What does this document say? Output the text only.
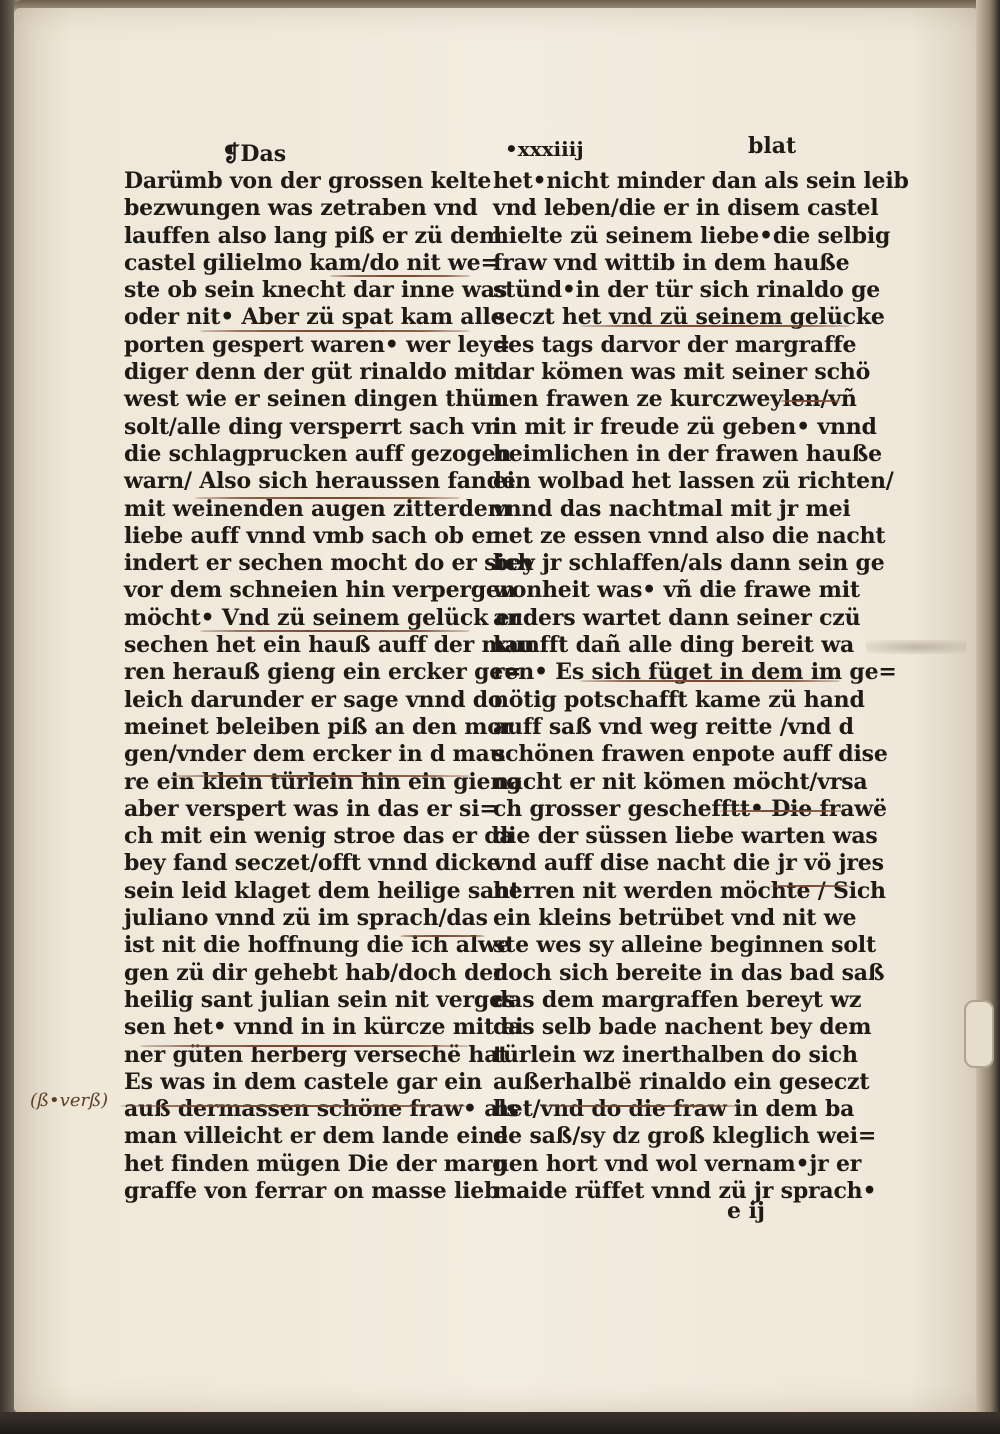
❡Das	•xxxiiij	blat
Darümb von der grossen kelte
bezwungen was zetraben vnd
lauffen also lang piß er zü dem
castel gilielmo kam/do nit we=
ste ob sein knecht dar inne was
oder nit• Aber zü spat kam alle
porten gespert waren• wer ley=
diger denn der güt rinaldo mit
west wie er seinen dingen thün
solt/alle ding versperrt sach vn
die schlagprucken auff gezogen
warn/ Also sich heraussen fande
mit weinenden augen zitterdem
liebe auff vnnd vmb sach ob er
indert er sechen mocht do er sich
vor dem schneien hin verpergen
möcht• Vnd zü seinem gelück er
sechen het ein hauß auff der mau
ren herauß gieng ein ercker ge=
leich darunder er sage vnnd do
meinet beleiben piß an den mor
gen/vnder dem ercker in d mau
re ein klein türlein hin ein gieng
aber verspert was in das er si=
ch mit ein wenig stroe das er da
bey fand seczet/offt vnnd dicke
sein leid klaget dem heilige sant
juliano vnnd zü im sprach/das
ist nit die hoffnung die ich alwe
gen zü dir gehebt hab/doch der
heilig sant julian sein nit verges
sen het• vnnd in in kürcze mit ei
ner güten herberg versechë hat
Es was in dem castele gar ein
auß dermassen schöne fraw• als
man villeicht er dem lande eine
het finden mügen Die der marg
graffe von ferrar on masse lieb
het•nicht minder dan als sein leib
vnd leben/die er in disem castel
hielte zü seinem liebe•die selbig
fraw vnd wittib in dem hauße
stünd•in der tür sich rinaldo ge
seczt het vnd zü seinem gelücke
des tags darvor der margraffe
dar kömen was mit seiner schö
nen frawen ze kurczweylen/vñ
in mit ir freude zü geben• vnnd
heimlichen in der frawen hauße
ein wolbad het lassen zü richten/
vnnd das nachtmal mit jr mei
net ze essen vnnd also die nacht
bey jr schlaffen/als dann sein ge
wonheit was• vñ die frawe mit
anders wartet dann seiner czü
kunfft dañ alle ding bereit wa
ren• Es sich füget in dem im ge=
nötig potschafft kame zü hand
auff saß vnd weg reitte /vnd d
schönen frawen enpote auff dise
nacht er nit kömen möcht/vrsa
ch grosser geschefftt• Die frawë
die der süssen liebe warten was
vnd auff dise nacht die jr vö jres
herren nit werden möchte / Sich
ein kleins betrübet vnd nit we
ste wes sy alleine beginnen solt
doch sich bereite in das bad saß
das dem margraffen bereyt wz
das selb bade nachent bey dem
türlein wz inerthalben do sich
außerhalbë rinaldo ein geseczt
het/vnd do die fraw in dem ba
de saß/sy dz groß kleglich wei=
nen hort vnd wol vernam•jr er
maide rüffet vnnd zü jr sprach•
e ij
(ß•verß)
